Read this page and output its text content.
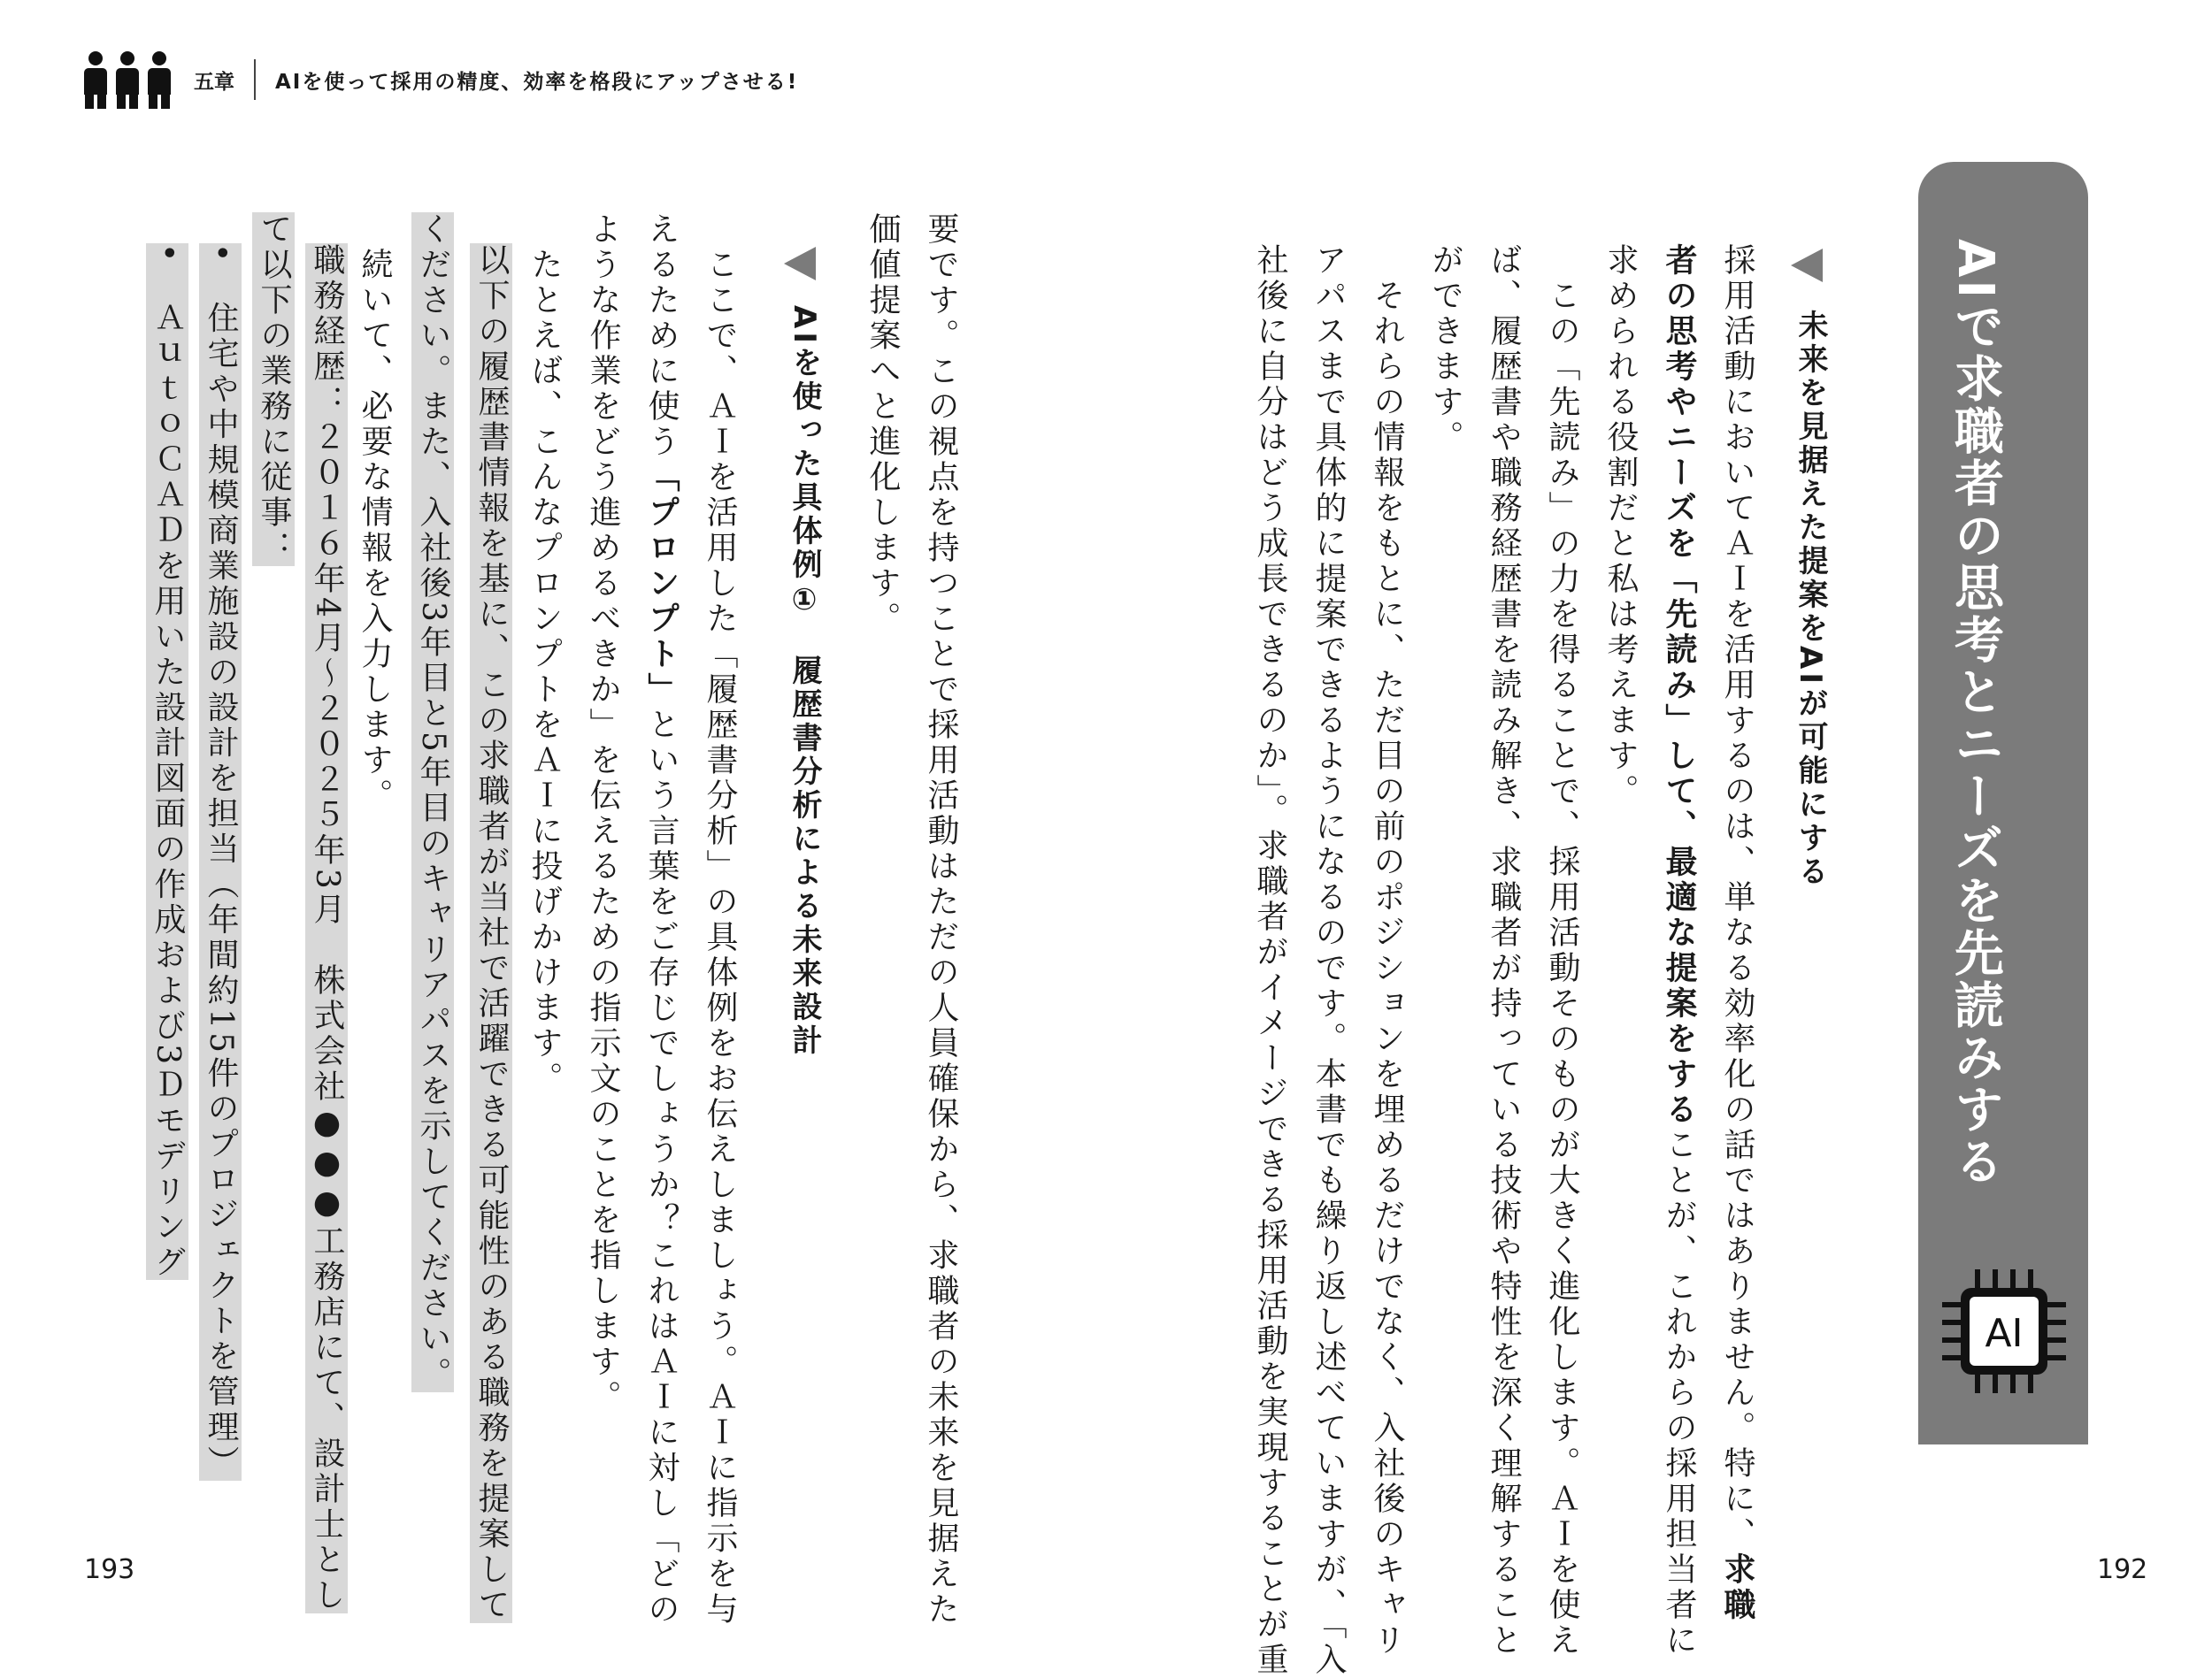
五章 AIを使って採用の精度、効率を格段にアップさせる!
AIで求職者の思考とニーズを先読みする
AI
未来を見据えた提案をAIが可能にする
採用活動においてＡＩを活用するのは、単なる効率化の話ではありません。特に、求職
者の思考やニーズを「先読み」して、最適な提案をすることが、これからの採用担当者に
求められる役割だと私は考えます。
　この「先読み」の力を得ることで、採用活動そのものが大きく進化します。ＡＩを使え
ば、履歴書や職務経歴書を読み解き、求職者が持っている技術や特性を深く理解すること
ができます。
　それらの情報をもとに、ただ目の前のポジションを埋めるだけでなく、入社後のキャリ
アパスまで具体的に提案できるようになるのです。本書でも繰り返し述べていますが、「入
社後に自分はどう成長できるのか」。求職者がイメージできる採用活動を実現することが重
要です。この視点を持つことで採用活動はただの人員確保から、求職者の未来を見据えた
価値提案へと進化します。
AIを使った具体例①　履歴書分析による未来設計
　ここで、ＡＩを活用した「履歴書分析」の具体例をお伝えしましょう。ＡＩに指示を与
えるために使う「プロンプト」という言葉をご存じでしょうか？これはＡＩに対し「どの
ような作業をどう進めるべきか」を伝えるための指示文のことを指します。
　たとえば、こんなプロンプトをＡＩに投げかけます。
以下の履歴書情報を基に、この求職者が当社で活躍できる可能性のある職務を提案して
ください。また、入社後3年目と5年目のキャリアパスを示してください。
　続いて、必要な情報を入力します。
職務経歴：２０１６年4月～２０２５年3月　株式会社●●●工務店にて、設計士とし
て以下の業務に従事：
•　住宅や中規模商業施設の設計を担当（年間約15件のプロジェクトを管理）
•　ＡｕｔｏＣＡＤを用いた設計図面の作成および3Ｄモデリング
193	192
